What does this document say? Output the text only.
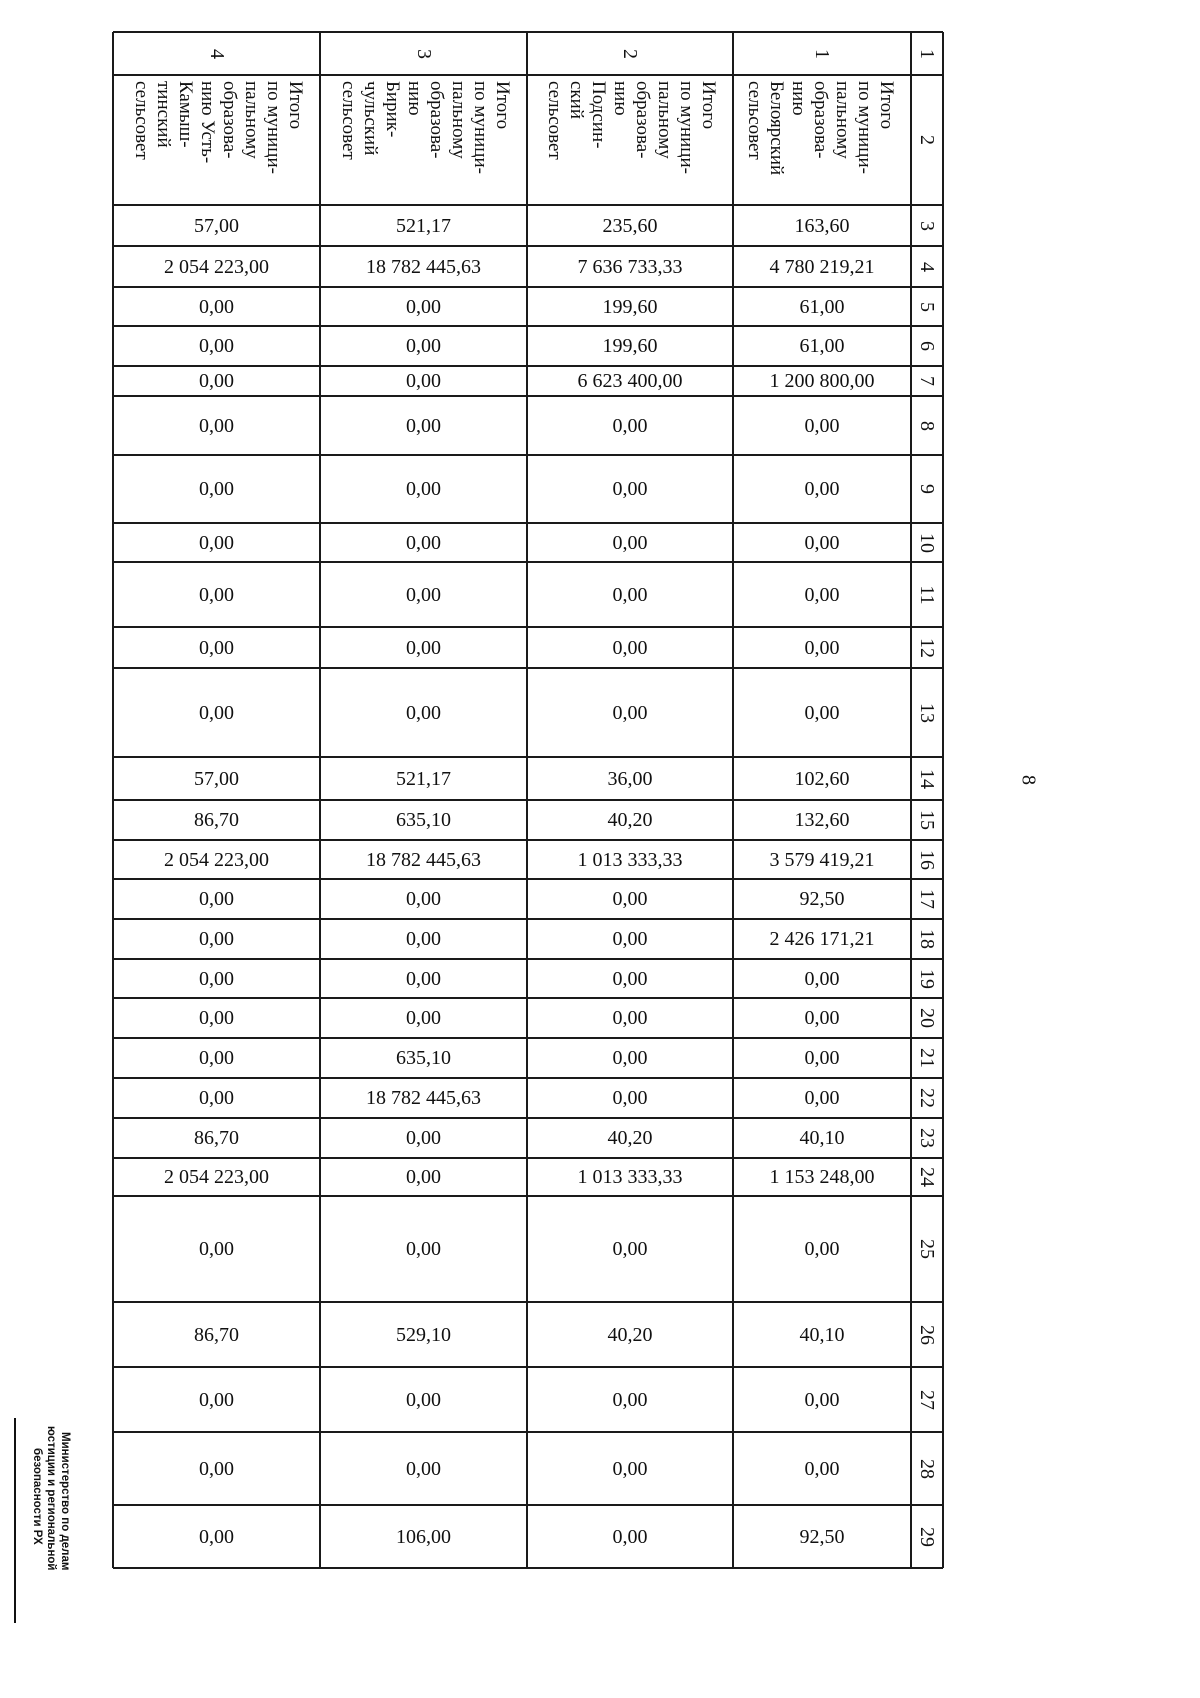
8
Министерство по делам
юстиции и региональной
безопасности РХ
1
2
3
4
5
6
7
8
9
10
11
12
13
14
15
16
17
18
19
20
21
22
23
24
25
26
27
28
29
4
Итого
по муници-
пальному
образова-
нию Усть-
Камыш-
тинский
сельсовет
57,00
2 054 223,00
0,00
0,00
0,00
0,00
0,00
0,00
0,00
0,00
0,00
57,00
86,70
2 054 223,00
0,00
0,00
0,00
0,00
0,00
0,00
86,70
2 054 223,00
0,00
86,70
0,00
0,00
0,00
3
Итого
по муници-
пальному
образова-
нию
Бирик-
чульский
сельсовет
521,17
18 782 445,63
0,00
0,00
0,00
0,00
0,00
0,00
0,00
0,00
0,00
521,17
635,10
18 782 445,63
0,00
0,00
0,00
0,00
635,10
18 782 445,63
0,00
0,00
0,00
529,10
0,00
0,00
106,00
2
Итого
по муници-
пальному
образова-
нию
Подсин-
ский
сельсовет
235,60
7 636 733,33
199,60
199,60
6 623 400,00
0,00
0,00
0,00
0,00
0,00
0,00
36,00
40,20
1 013 333,33
0,00
0,00
0,00
0,00
0,00
0,00
40,20
1 013 333,33
0,00
40,20
0,00
0,00
0,00
1
Итого
по муници-
пальному
образова-
нию
Белоярский
сельсовет
163,60
4 780 219,21
61,00
61,00
1 200 800,00
0,00
0,00
0,00
0,00
0,00
0,00
102,60
132,60
3 579 419,21
92,50
2 426 171,21
0,00
0,00
0,00
0,00
40,10
1 153 248,00
0,00
40,10
0,00
0,00
92,50
